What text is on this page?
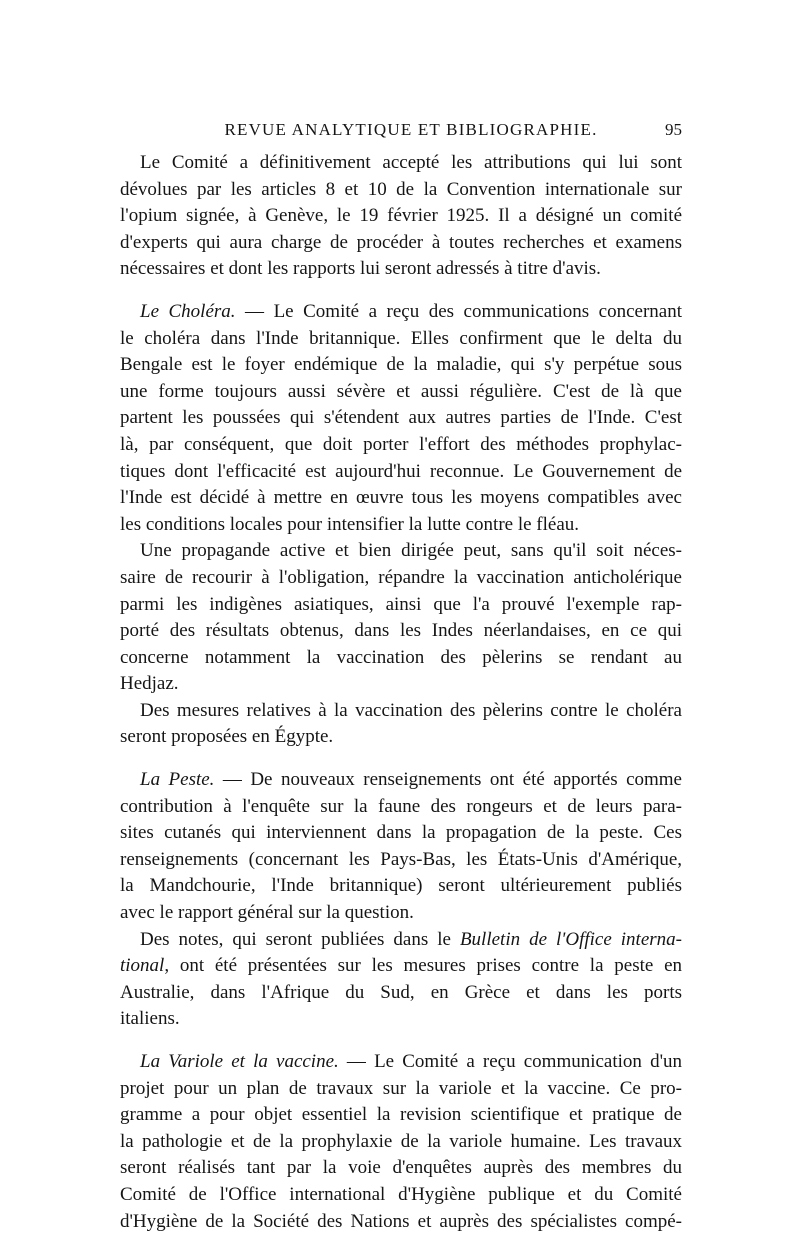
REVUE ANALYTIQUE ET BIBLIOGRAPHIE.	95
Le Comité a définitivement accepté les attributions qui lui sont
dévolues par les articles 8 et 10 de la Convention internationale sur
l'opium signée, à Genève, le 19 février 1925. Il a désigné un comité
d'experts qui aura charge de procéder à toutes recherches et examens
nécessaires et dont les rapports lui seront adressés à titre d'avis.
Le Choléra. — Le Comité a reçu des communications concernant
le choléra dans l'Inde britannique. Elles confirment que le delta du
Bengale est le foyer endémique de la maladie, qui s'y perpétue sous
une forme toujours aussi sévère et aussi régulière. C'est de là que
partent les poussées qui s'étendent aux autres parties de l'Inde. C'est
là, par conséquent, que doit porter l'effort des méthodes prophylac-
tiques dont l'efficacité est aujourd'hui reconnue. Le Gouvernement de
l'Inde est décidé à mettre en œuvre tous les moyens compatibles avec
les conditions locales pour intensifier la lutte contre le fléau.
Une propagande active et bien dirigée peut, sans qu'il soit néces-
saire de recourir à l'obligation, répandre la vaccination anticholérique
parmi les indigènes asiatiques, ainsi que l'a prouvé l'exemple rap-
porté des résultats obtenus, dans les Indes néerlandaises, en ce qui
concerne notamment la vaccination des pèlerins se rendant au
Hedjaz.
Des mesures relatives à la vaccination des pèlerins contre le choléra
seront proposées en Égypte.
La Peste. — De nouveaux renseignements ont été apportés comme
contribution à l'enquête sur la faune des rongeurs et de leurs para-
sites cutanés qui interviennent dans la propagation de la peste. Ces
renseignements (concernant les Pays-Bas, les États-Unis d'Amérique,
la Mandchourie, l'Inde britannique) seront ultérieurement publiés
avec le rapport général sur la question.
Des notes, qui seront publiées dans le Bulletin de l'Office interna-
tional, ont été présentées sur les mesures prises contre la peste en
Australie, dans l'Afrique du Sud, en Grèce et dans les ports
italiens.
La Variole et la vaccine. — Le Comité a reçu communication d'un
projet pour un plan de travaux sur la variole et la vaccine. Ce pro-
gramme a pour objet essentiel la revision scientifique et pratique de
la pathologie et de la prophylaxie de la variole humaine. Les travaux
seront réalisés tant par la voie d'enquêtes auprès des membres du
Comité de l'Office international d'Hygiène publique et du Comité
d'Hygiène de la Société des Nations et auprès des spécialistes compé-
